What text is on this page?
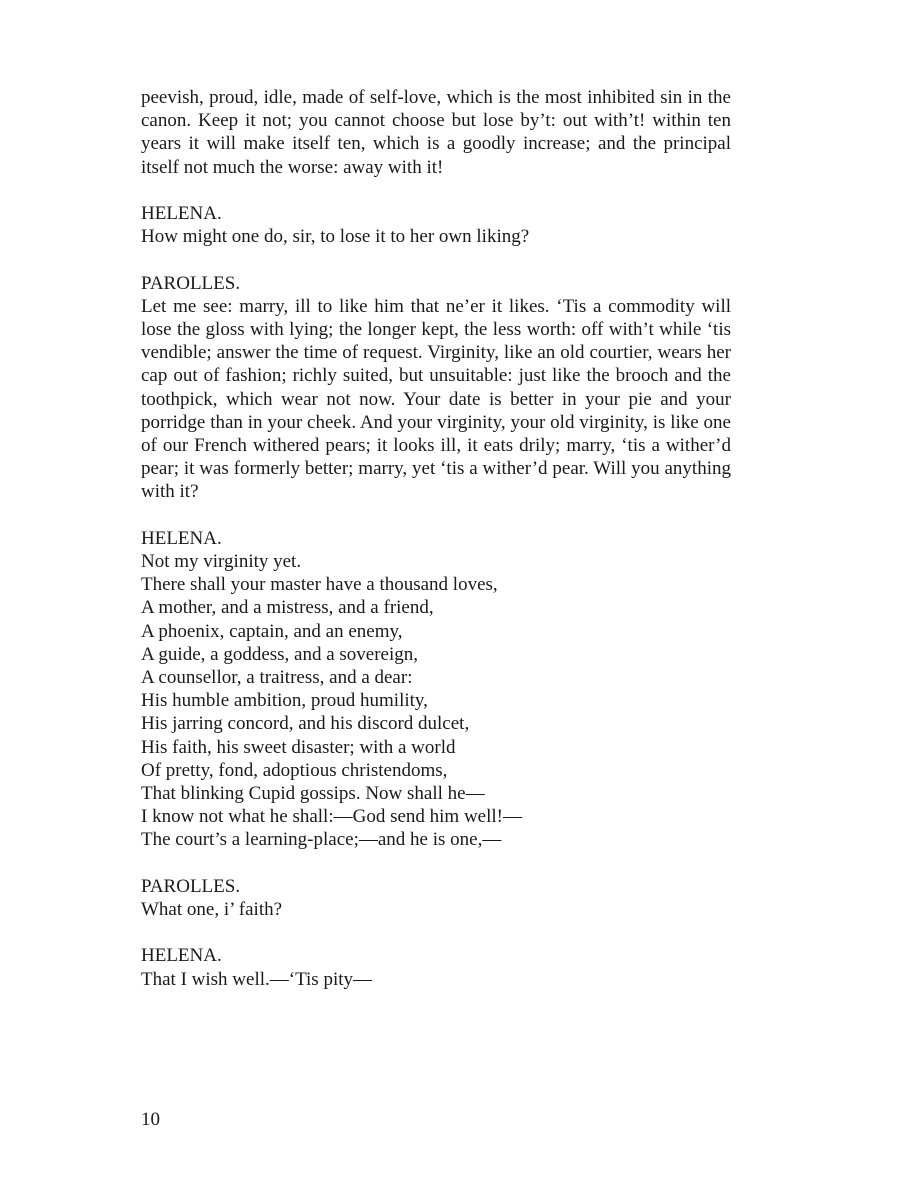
peevish, proud, idle, made of self-love, which is the most inhibited sin in the canon. Keep it not; you cannot choose but lose by’t: out with’t! within ten years it will make itself ten, which is a goodly increase; and the principal itself not much the worse: away with it!

HELENA.

How might one do, sir, to lose it to her own liking?

PAROLLES.

Let me see: marry, ill to like him that ne’er it likes. ‘Tis a commodity will lose the gloss with lying; the longer kept, the less worth: off with’t while ‘tis vendible; answer the time of request. Virginity, like an old courtier, wears her cap out of fashion; richly suited, but unsuitable: just like the brooch and the toothpick, which wear not now. Your date is better in your pie and your porridge than in your cheek. And your virginity, your old virginity, is like one of our French withered pears; it looks ill, it eats drily; marry, ‘tis a wither’d pear; it was formerly better; marry, yet ‘tis a wither’d pear. Will you anything with it?

HELENA.

Not my virginity yet.

There shall your master have a thousand loves,

A mother, and a mistress, and a friend,

A phoenix, captain, and an enemy,

A guide, a goddess, and a sovereign,

A counsellor, a traitress, and a dear:

His humble ambition, proud humility,

His jarring concord, and his discord dulcet,

His faith, his sweet disaster; with a world

Of pretty, fond, adoptious christendoms,

That blinking Cupid gossips. Now shall he—

I know not what he shall:—God send him well!—

The court’s a learning-place;—and he is one,—

PAROLLES.

What one, i’ faith?

HELENA.

That I wish well.—‘Tis pity—

10
